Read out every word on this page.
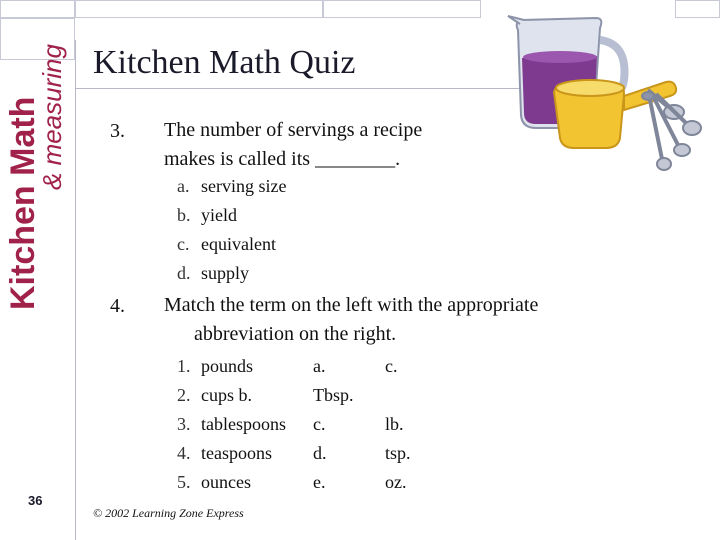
Kitchen Math
& measuring Kitchen Math Quiz
3. The number of servings a recipe
makes is called its ________.
a. serving size
b. yield
c. equivalent
d. supply
4. Match the term on the left with the appropriate
abbreviation on the right.
1. pounds
2. cups b.
3. tablespoons
4. teaspoons
5. ounces
a.
Tbsp.
c.
d.
e.
c.
lb.
tsp.
oz.
36
© 2002 Learning Zone Express
